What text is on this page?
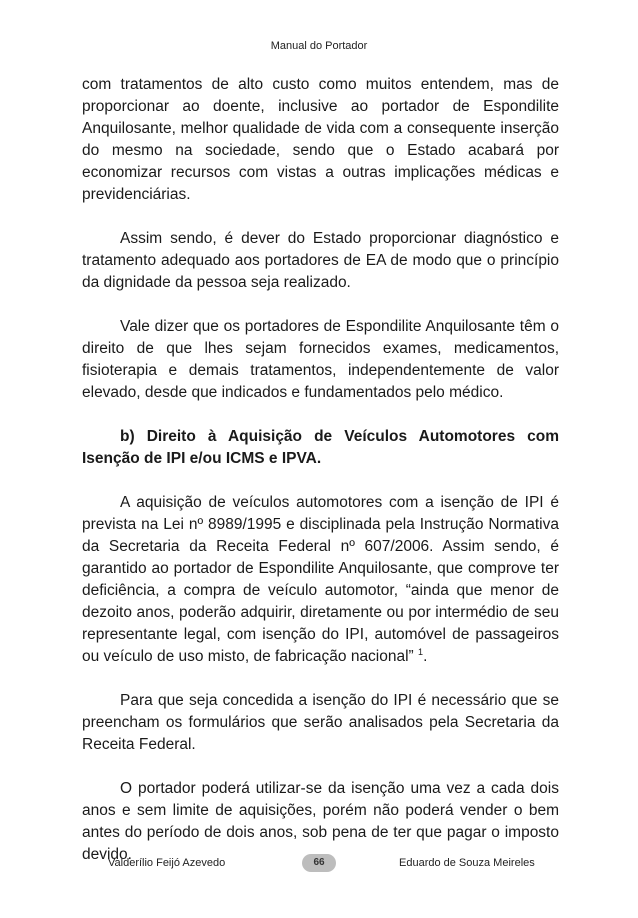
Manual do Portador

com tratamentos de alto custo como muitos entendem, mas de proporcionar ao doente, inclusive ao portador de Espondilite Anquilosante, melhor qualidade de vida com a consequente inserção do mesmo na sociedade, sendo que o Estado acabará por economizar recursos com vistas a outras implicações médicas e previdenciárias.

Assim sendo, é dever do Estado proporcionar diagnóstico e tratamento adequado aos portadores de EA de modo que o princípio da dignidade da pessoa seja realizado.

Vale dizer que os portadores de Espondilite Anquilosante têm o direito de que lhes sejam fornecidos exames, medicamentos, fisioterapia e demais tratamentos, independentemente de valor elevado, desde que indicados e fundamentados pelo médico.

b) Direito à Aquisição de Veículos Automotores com Isenção de IPI e/ou ICMS e IPVA.

A aquisição de veículos automotores com a isenção de IPI é prevista na Lei nº 8989/1995 e disciplinada pela Instrução Normativa da Secretaria da Receita Federal nº 607/2006. Assim sendo, é garantido ao portador de Espondilite Anquilosante, que comprove ter deficiência, a compra de veículo automotor, “ainda que menor de dezoito anos, poderão adquirir, diretamente ou por intermédio de seu representante legal, com isenção do IPI, automóvel de passageiros ou veículo de uso misto, de fabricação nacional” $^1$.

Para que seja concedida a isenção do IPI é necessário que se preencham os formulários que serão analisados pela Secretaria da Receita Federal.

O portador poderá utilizar-se da isenção uma vez a cada dois anos e sem limite de aquisições, porém não poderá vender o bem antes do período de dois anos, sob pena de ter que pagar o imposto devido.

Valderílio Feijó Azevedo	66	Eduardo de Souza Meireles
